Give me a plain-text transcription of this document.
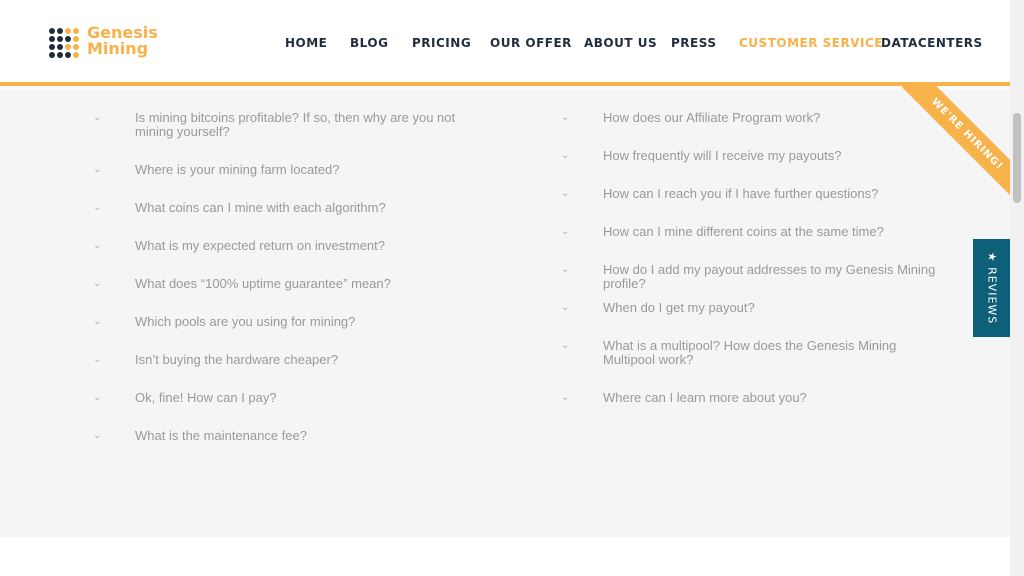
Genesis
Mining	HOME BLOG PRICING OUR OFFER ABOUT US PRESS CUSTOMER SERVICE
DATACENTERS
⌄	Is mining bitcoins profitable? If so, then why are you not mining yourself?
⌄	Where is your mining farm located?
⌄	What coins can I mine with each algorithm?
⌄	What is my expected return on investment?
⌄	What does “100% uptime guarantee” mean?
⌄	Which pools are you using for mining?
⌄	Isn’t buying the hardware cheaper?
⌄	Ok, fine! How can I pay?
⌄	What is the maintenance fee?
⌄	How does our Affiliate Program work?
⌄	How frequently will I receive my payouts?
⌄	How can I reach you if I have further questions?
⌄	How can I mine different coins at the same time?
⌄	How do I add my payout addresses to my Genesis Mining profile?
⌄	When do I get my payout?
⌄	What is a multipool? How does the Genesis Mining Multipool work?
⌄	Where can I learn more about you?
WE'RE HIRING!
★ REVIEWS
